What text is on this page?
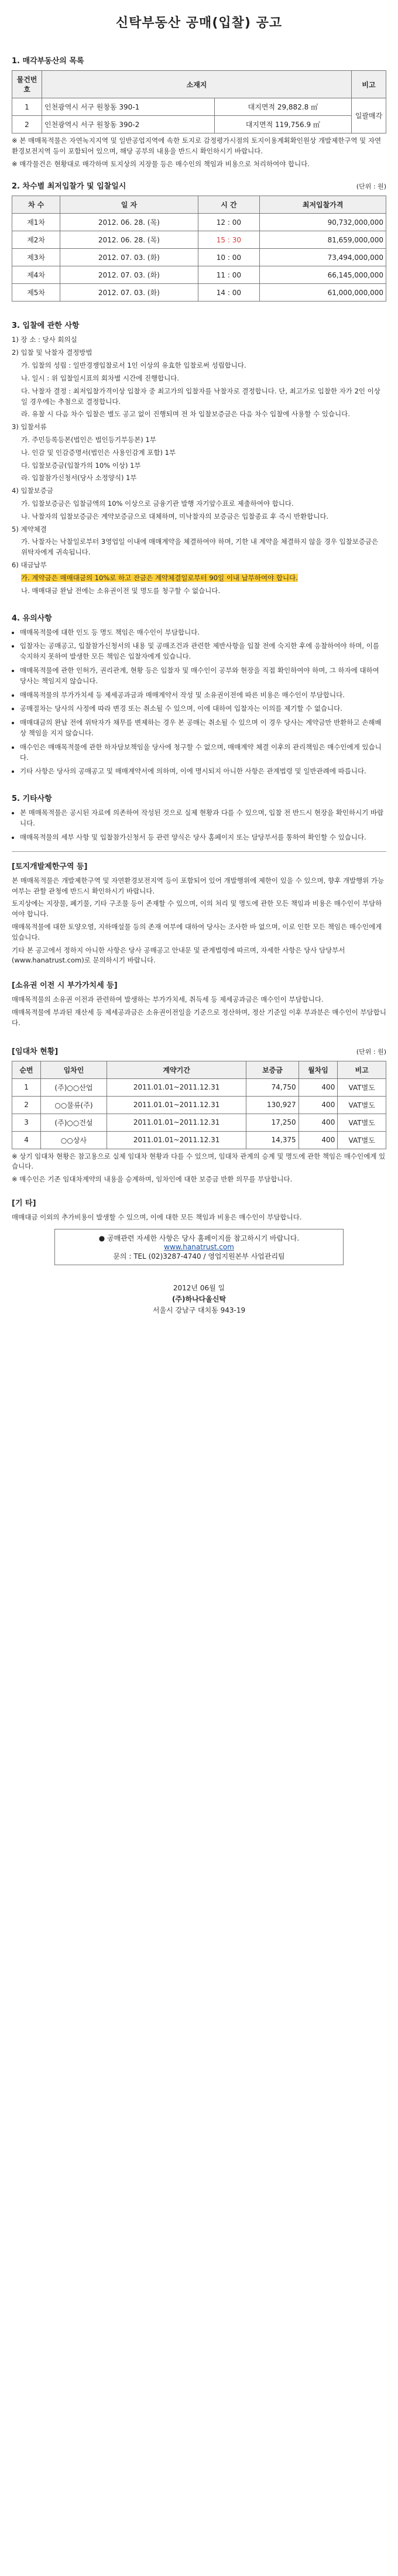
신탁부동산 공매(입찰) 공고
1. 매각부동산의 목록
물건번호	소재지		비고
1	인천광역시 서구 원창동 390-1	대지면적 29,882.8 ㎡	일괄매각
2	인천광역시 서구 원창동 390-2	대지면적 119,756.9 ㎡	

※ 본 매매목적물은 자연녹지지역 및 일반공업지역에 속한 토지로 감정평가시점의 토지이용계획확인원상 개발제한구역 및 자연환경보전지역 등이 포함되어 있으며, 해당 공부의 내용을 반드시 확인하시기 바랍니다.

※ 매각물건은 현황대로 매각하며 토지상의 지장물 등은 매수인의 책임과 비용으로 처리하여야 합니다.

2. 차수별 최저입찰가 및 입찰일시	(단위 : 원)
차 수	일 자	시 간	최저입찰가격
제1차	2012. 06. 28. (목)	12 : 00	90,732,000,000
제2차	2012. 06. 28. (목)	15 : 30	81,659,000,000
제3차	2012. 07. 03. (화)	10 : 00	73,494,000,000
제4차	2012. 07. 03. (화)	11 : 00	66,145,000,000
제5차	2012. 07. 03. (화)	14 : 00	61,000,000,000
3. 입찰에 관한 사항

1) 장 소 : 당사 회의실

2) 입찰 및 낙찰자 결정방법

가. 입찰의 성립 : 일반경쟁입찰로서 1인 이상의 유효한 입찰로써 성립합니다.

나. 일시 : 위 입찰일시표의 회차별 시간에 진행합니다.

다. 낙찰자 결정 : 최저입찰가격이상 입찰자 중 최고가의 입찰자를 낙찰자로 결정합니다. 단, 최고가로 입찰한 자가 2인 이상일 경우에는 추첨으로 결정합니다.

라. 유찰 시 다음 차수 입찰은 별도 공고 없이 진행되며 전 차 입찰보증금은 다음 차수 입찰에 사용할 수 있습니다.

3) 입찰서류

가. 주민등록등본(법인은 법인등기부등본) 1부

나. 인감 및 인감증명서(법인은 사용인감계 포함) 1부

다. 입찰보증금(입찰가의 10% 이상) 1부

라. 입찰참가신청서(당사 소정양식) 1부

4) 입찰보증금

가. 입찰보증금은 입찰금액의 10% 이상으로 금융기관 발행 자기앞수표로 제출하여야 합니다.

나. 낙찰자의 입찰보증금은 계약보증금으로 대체하며, 미낙찰자의 보증금은 입찰종료 후 즉시 반환합니다.

5) 계약체결

가. 낙찰자는 낙찰일로부터 3영업일 이내에 매매계약을 체결하여야 하며, 기한 내 계약을 체결하지 않을 경우 입찰보증금은 위탁자에게 귀속됩니다.

6) 대금납부

가. 계약금은 매매대금의 10%로 하고 잔금은 계약체결일로부터 90일 이내 납부하여야 합니다.

나. 매매대금 완납 전에는 소유권이전 및 명도를 청구할 수 없습니다.

4. 유의사항
• 매매목적물에 대한 인도 등 명도 책임은 매수인이 부담합니다.
• 입찰자는 공매공고, 입찰참가신청서의 내용 및 공매조건과 관련한 제반사항을 입찰 전에 숙지한 후에 응찰하여야 하며, 이를 숙지하지 못하여 발생한 모든 책임은 입찰자에게 있습니다.
• 매매목적물에 관한 인허가, 권리관계, 현황 등은 입찰자 및 매수인이 공부와 현장을 직접 확인하여야 하며, 그 하자에 대하여 당사는 책임지지 않습니다.
• 매매목적물의 부가가치세 등 제세공과금과 매매계약서 작성 및 소유권이전에 따른 비용은 매수인이 부담합니다.
• 공매절차는 당사의 사정에 따라 변경 또는 취소될 수 있으며, 이에 대하여 입찰자는 이의를 제기할 수 없습니다.
• 매매대금의 완납 전에 위탁자가 채무를 변제하는 경우 본 공매는 취소될 수 있으며 이 경우 당사는 계약금만 반환하고 손해배상 책임을 지지 않습니다.
• 매수인은 매매목적물에 관한 하자담보책임을 당사에 청구할 수 없으며, 매매계약 체결 이후의 관리책임은 매수인에게 있습니다.
• 기타 사항은 당사의 공매공고 및 매매계약서에 의하며, 이에 명시되지 아니한 사항은 관계법령 및 일반관례에 따릅니다.
5. 기타사항
• 본 매매목적물은 공시된 자료에 의존하여 작성된 것으로 실제 현황과 다를 수 있으며, 입찰 전 반드시 현장을 확인하시기 바랍니다.
• 매매목적물의 세부 사항 및 입찰참가신청서 등 관련 양식은 당사 홈페이지 또는 담당부서를 통하여 확인할 수 있습니다.
[토지개발제한구역 등]

본 매매목적물은 개발제한구역 및 자연환경보전지역 등이 포함되어 있어 개발행위에 제한이 있을 수 있으며, 향후 개발행위 가능 여부는 관할 관청에 반드시 확인하시기 바랍니다.

토지상에는 지장물, 폐기물, 기타 구조물 등이 존재할 수 있으며, 이의 처리 및 명도에 관한 모든 책임과 비용은 매수인이 부담하여야 합니다.

매매목적물에 대한 토양오염, 지하매설물 등의 존재 여부에 대하여 당사는 조사한 바 없으며, 이로 인한 모든 책임은 매수인에게 있습니다.

기타 본 공고에서 정하지 아니한 사항은 당사 공매공고 안내문 및 관계법령에 따르며, 자세한 사항은 당사 담당부서(www.hanatrust.com)로 문의하시기 바랍니다.

[소유권 이전 시 부가가치세 등]

매매목적물의 소유권 이전과 관련하여 발생하는 부가가치세, 취득세 등 제세공과금은 매수인이 부담합니다.

매매목적물에 부과된 재산세 등 제세공과금은 소유권이전일을 기준으로 정산하며, 정산 기준일 이후 부과분은 매수인이 부담합니다.

[임대차 현황]	(단위 : 원)
순번	임차인	계약기간	보증금	월차임	비고
1	(주)○○산업	2011.01.01~2011.12.31	74,750	400	VAT별도
2	○○물류(주)	2011.01.01~2011.12.31	130,927	400	VAT별도
3	(주)○○건설	2011.01.01~2011.12.31	17,250	400	VAT별도
4	○○상사	2011.01.01~2011.12.31	14,375	400	VAT별도

※ 상기 임대차 현황은 참고용으로 실제 임대차 현황과 다를 수 있으며, 임대차 관계의 승계 및 명도에 관한 책임은 매수인에게 있습니다.

※ 매수인은 기존 임대차계약의 내용을 승계하며, 임차인에 대한 보증금 반환 의무를 부담합니다.

[기 타]

매매대금 이외의 추가비용이 발생할 수 있으며, 이에 대한 모든 책임과 비용은 매수인이 부담합니다.

● 공매관련 자세한 사항은 당사 홈페이지를 참고하시기 바랍니다.
www.hanatrust.com
문의 : TEL (02)3287-4740 / 영업지원본부 사업관리팀
2012년 06월 일
(주)하나다올신탁
서울시 강남구 대치동 943-19
